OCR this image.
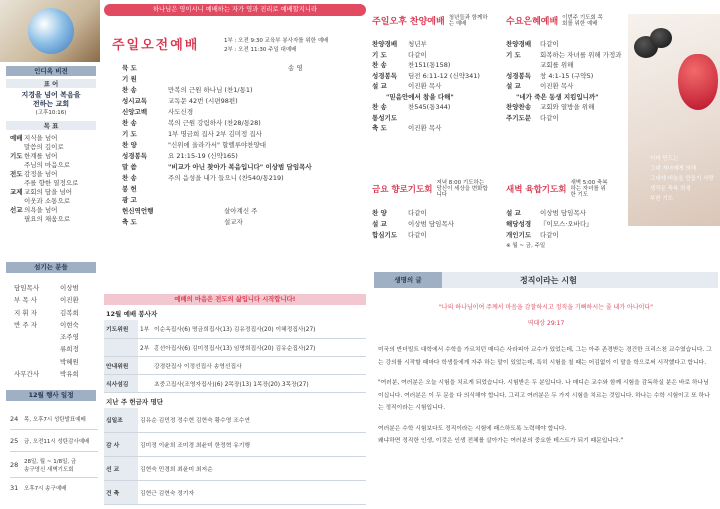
인디옥 비전
표 어
지경을 넘어 복음을
전하는 교회
(고후10:16)
목 표
예배 지식을 넘어
말씀의 깊이로
기도 한계를 넘어
주님의 마음으로
전도 감정을 넘어
주를 향한 열정으로
교제 교회의 담을 넘어
이웃과 소통으로
선교 의욕을 넘어
필요의 채움으로
섬기는 분들
담임목사	이상범
부 목 사	이진환
지 휘 자	김복희
반 주 자	이현숙
조주영
류희정
박혜원
사무간사	박유희
12월 행사 일정
24	목, 오후7시 성탄발표예배
25	금, 오전11시 성탄감사예배
28	28일, 월 ~ 1/8일, 금
송구영신 새벽기도회
31	오후7시 송구예배
하나님은 영이시니 예배하는 자가 영과 진리로 예배할지니라
주일오전예배	1부 : 오전 9:30 교육부 봉사자를 위한 예배
2부 : 오전 11:30 주일 대예배
묵 도	송 영
기 원
찬 송	만복의 근원 하나님 (찬1/통1)
성시교독	교독문 42번 (시편98편)
신앙고백	사도신경
찬 송	복의 근원 강림하사 (찬28/통28)
기 도	1부 명금희 집사 2부 김미정 집사
찬 양	"신위에 올라가서" 할렐루야찬양대
성경봉독	요 21:15-19 (신약165)
말 씀	"비교가 아닌 찾아가 복음입니다" 이상범 담임목사
찬 송	주의 음성을 내가 들으니 (찬540/통219)
봉 헌
광 고
헌신역언행	살아계신 주
축 도	설교자
예배의 마음은 전도의 삶입니다 시작합니다!
12월 예배 봉사자
기도위원	1부	이순옥집사(6) 명금희집사(13) 김유정집사(20) 이혜정집사(27)
	2부	홍선아집사(6) 김미정집사(13) 임명희집사(20) 김유순집사(27)
안내위원		강경란집사 이정선집사 송영선집사
식사섬김		초중고집사(조영자집사)(6) 2목장(13) 1목장(20) 3목장(27)
지난 주 헌금자 명단
십일조	김유순 김민정 정수현 김현숙 황수영 조수연
감 사	김미정 이윤희 조미경 최윤미 한정혁 유기행
선 교	김현숙 민경희 최윤미 최저순
건 축	김현근 김현숙 정기자
주일오후 찬양예배 청년들과 함께하는 예배
찬양경배	청년부
기 도	다같이
찬 송	찬151(통158)
성경봉독	딤전 6:11-12 (신약341)
설 교	이진환 목사
"믿음안에서 참을 다해"
찬 송	찬545(통344)
통성기도
축 도	이진환 목사
수요은혜예배 이번주 기도회 목회를 위한 예배
찬양경배	다같이
기 도	회복하는 자녀를 위해 가정과 교회를 위해
성경봉독	창 4:1-15 (구약5)
설 교	이진환 목사
"네가 죽은 동생 지킴입니까"
찬양찬송	교회와 열방을 위해
주기도문	다같이
이미 만드는
그대 자녀에게 의해
그대에 비늘을 만들기 사랑
생각은 축복 희생
부한 기도
금요 향로기도회
저녁 8:00 기도하는 당신이 세상을 변화합니다
찬 양	다같이
설 교	이상범 담임목사
합심기도	다같이
새벽 육합기도회
새벽 5:00 축복하는 자녀를 위한 기도
설 교	이상범 담임목사
해당성경	『이모스·오바다』
개인기도	다같이
※ 월 ~ 금, 주일
생명의 글	정직이라는 시험
"나의 하나님이여 주께서 마음을 감찰하시고 정직을 기뻐하시는 줄 내가 아나이다"
역대상 29:17

미국의 반더빌트 대학에서 수학을 가르치던 매디슨 사라피아 교수가 있었는데, 그는 아주 존경받는 경건한 크리스천 교수였습니다. 그는 강의를 시작할 때마다 학생들에게 자주 하는 말이 있었는데, 특히 시험을 칠 때는 어김없이 이 말을 학으로써 시작했다고 합니다.

"여러분, 여러분은 오늘 시험을 치르게 되었습니다. 시험받은 두 분입니다. 나 매디슨 교수와 함께 시험을 감독하실 분은 바로 하나님이십니다. 여러분은 이 두 문을 다 의식해야 합니다. 그리고 여러분은 두 가지 시험을 치르는 것입니다. 하나는 수학 시험이고 또 하나는 정직이라는 시험입니다.

여러분은 수학 시험보다도 정직이라는 시험에 패스하도록 노력해야 합니다.

왜냐하면 정직한 인생, 이것은 인생 전체를 살아가는 여러분의 중요한 테스트가 되기 때문입니다."
